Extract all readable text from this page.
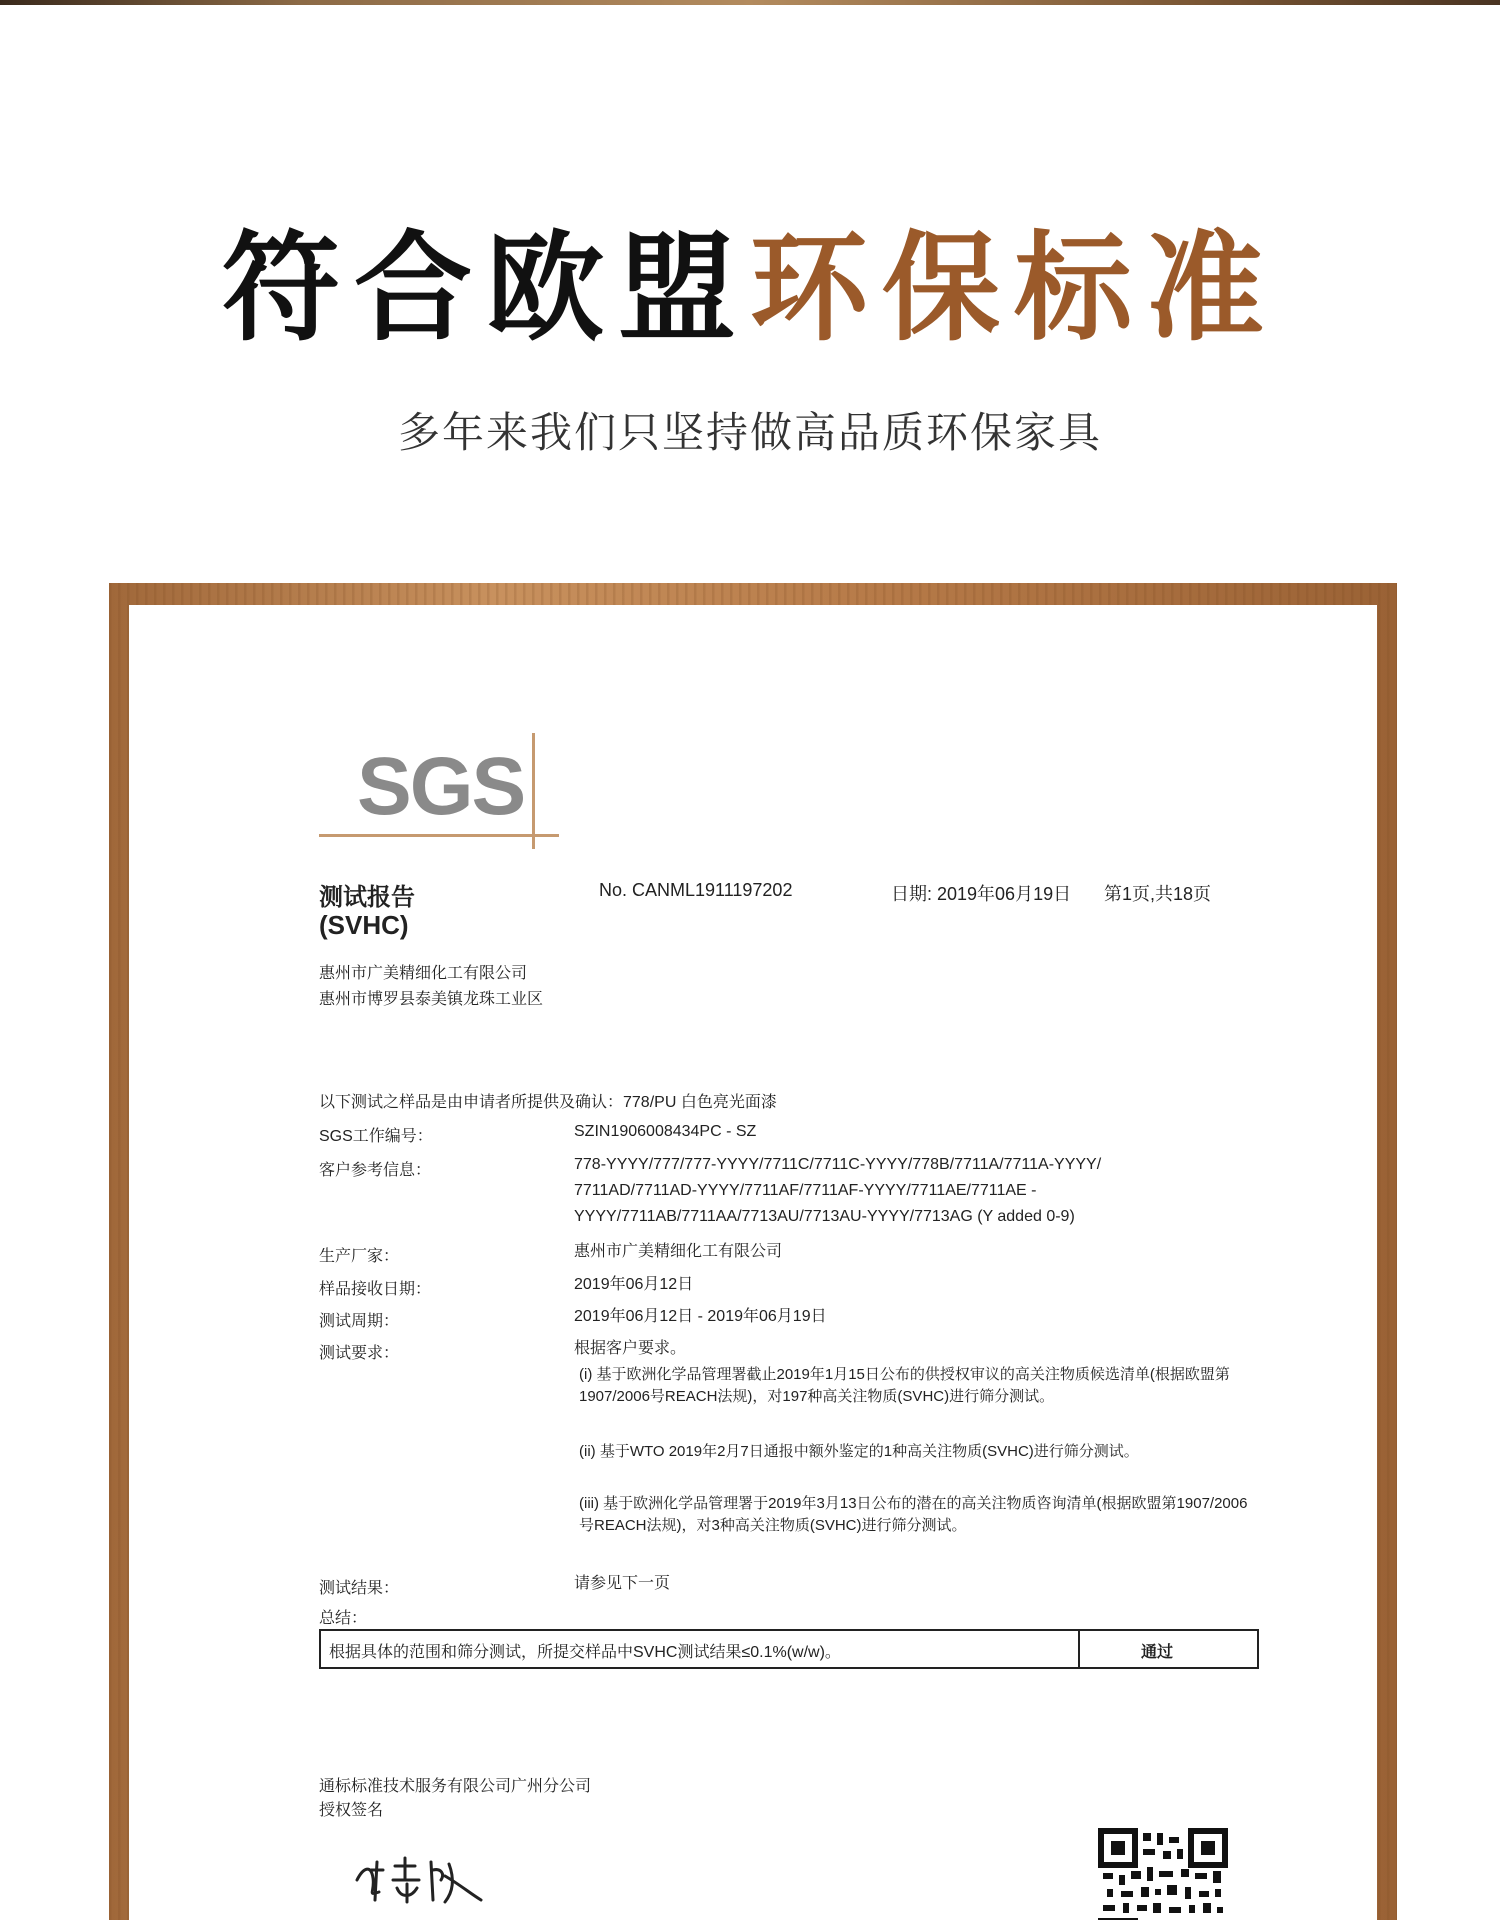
符合欧盟环保标准
多年来我们只坚持做高品质环保家具
SGS
测试报告
(SVHC)
No. CANML1911197202	日期: 2019年06月19日 第1页,共18页
惠州市广美精细化工有限公司
惠州市博罗县泰美镇龙珠工业区
以下测试之样品是由申请者所提供及确认：778/PU 白色亮光面漆
SGS工作编号：	SZIN1906008434PC - SZ
客户参考信息：	778-YYYY/777/777-YYYY/7711C/7711C-YYYY/778B/7711A/7711A-YYYY/ 7711AD/7711AD-YYYY/7711AF/7711AF-YYYY/7711AE/7711AE -YYYY/7711AB/7711AA/7713AU/7713AU-YYYY/7713AG (Y added 0-9)
生产厂家：	惠州市广美精细化工有限公司
样品接收日期：	2019年06月12日
测试周期：	2019年06月12日 - 2019年06月19日
测试要求：	根据客户要求。
(i) 基于欧洲化学品管理署截止2019年1月15日公布的供授权审议的高关注物质候选清单(根据欧盟第1907/2006号REACH法规)，对197种高关注物质(SVHC)进行筛分测试。
(ii) 基于WTO 2019年2月7日通报中额外鉴定的1种高关注物质(SVHC)进行筛分测试。
(iii) 基于欧洲化学品管理署于2019年3月13日公布的潜在的高关注物质咨询清单(根据欧盟第1907/2006号REACH法规)，对3种高关注物质(SVHC)进行筛分测试。
测试结果：	请参见下一页
总结：
根据具体的范围和筛分测试，所提交样品中SVHC测试结果≤0.1%(w/w)。	通过
通标标准技术服务有限公司广州分公司
授权签名
